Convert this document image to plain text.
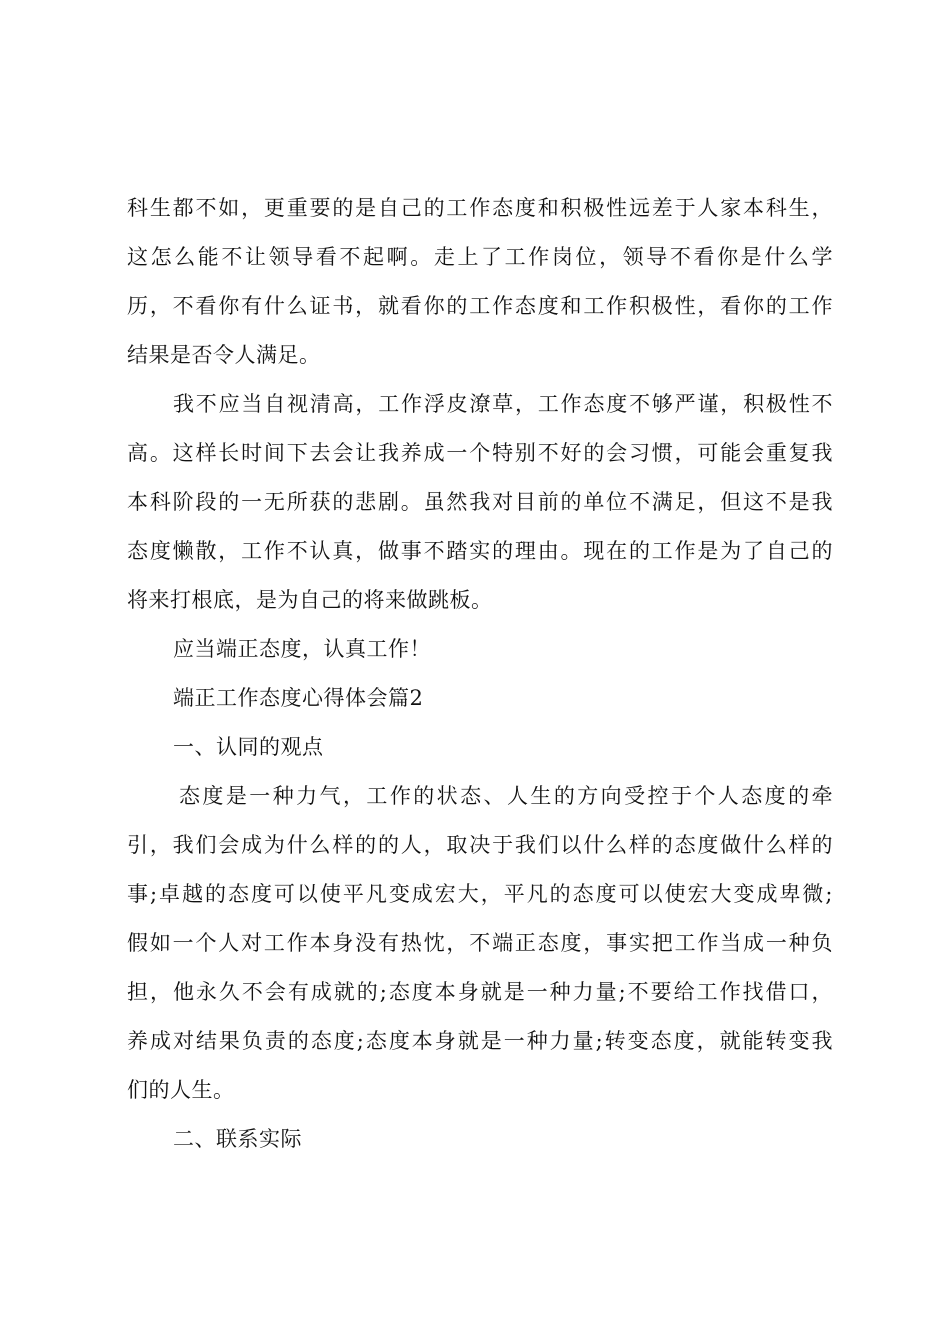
科生都不如，更重要的是自己的工作态度和积极性远差于人家本科生，
这怎么能不让领导看不起啊。走上了工作岗位，领导不看你是什么学
历，不看你有什么证书，就看你的工作态度和工作积极性，看你的工作
结果是否令人满足。
我不应当自视清高，工作浮皮潦草，工作态度不够严谨，积极性不
高。这样长时间下去会让我养成一个特别不好的会习惯，可能会重复我
本科阶段的一无所获的悲剧。虽然我对目前的单位不满足，但这不是我
态度懒散，工作不认真，做事不踏实的理由。现在的工作是为了自己的
将来打根底，是为自己的将来做跳板。
应当端正态度，认真工作！
端正工作态度心得体会篇2
一、认同的观点
态度是一种力气，工作的状态、人生的方向受控于个人态度的牵
引，我们会成为什么样的的人，取决于我们以什么样的态度做什么样的
事;卓越的态度可以使平凡变成宏大，平凡的态度可以使宏大变成卑微;
假如一个人对工作本身没有热忱，不端正态度，事实把工作当成一种负
担，他永久不会有成就的;态度本身就是一种力量;不要给工作找借口，
养成对结果负责的态度;态度本身就是一种力量;转变态度，就能转变我
们的人生。
二、联系实际
